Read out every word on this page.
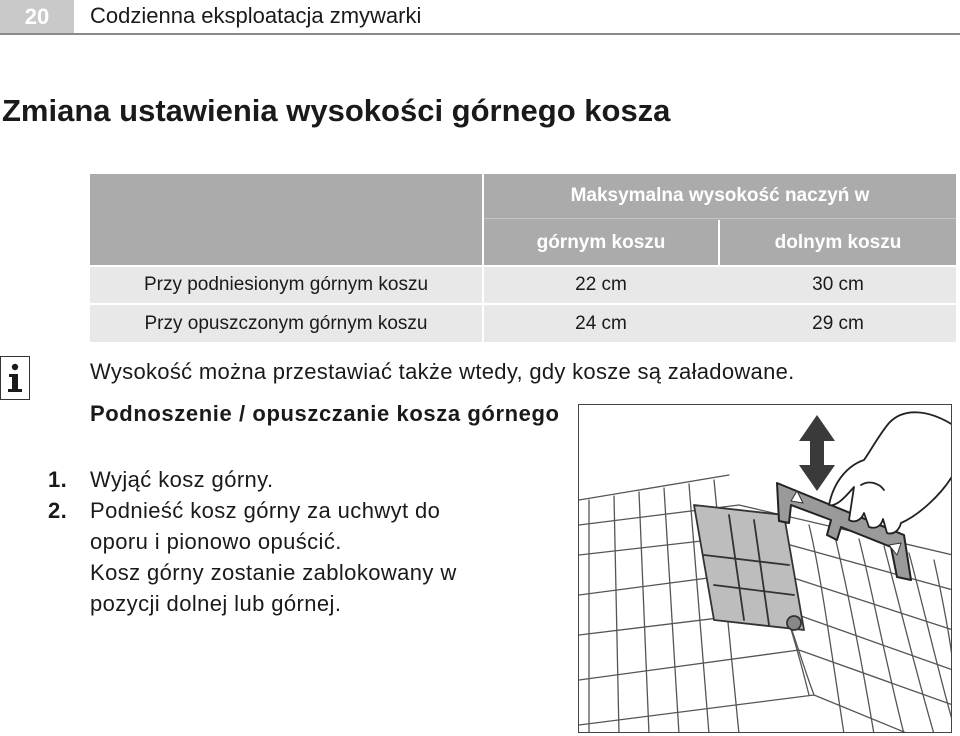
20	Codzienna eksploatacja zmywarki
Zmiana ustawienia wysokości górnego kosza
Maksymalna wysokość naczyń w
górnym koszu	dolnym koszu
Przy podniesionym górnym koszu	22 cm	30 cm
Przy opuszczonym górnym koszu	24 cm	29 cm
Wysokość można przestawiać także wtedy, gdy kosze są załadowane.
Podnoszenie / opuszczanie kosza górnego
1.	Wyjąć kosz górny.
2.	Podnieść kosz górny za uchwyt do
oporu i pionowo opuścić.
Kosz górny zostanie zablokowany w
pozycji dolnej lub górnej.
